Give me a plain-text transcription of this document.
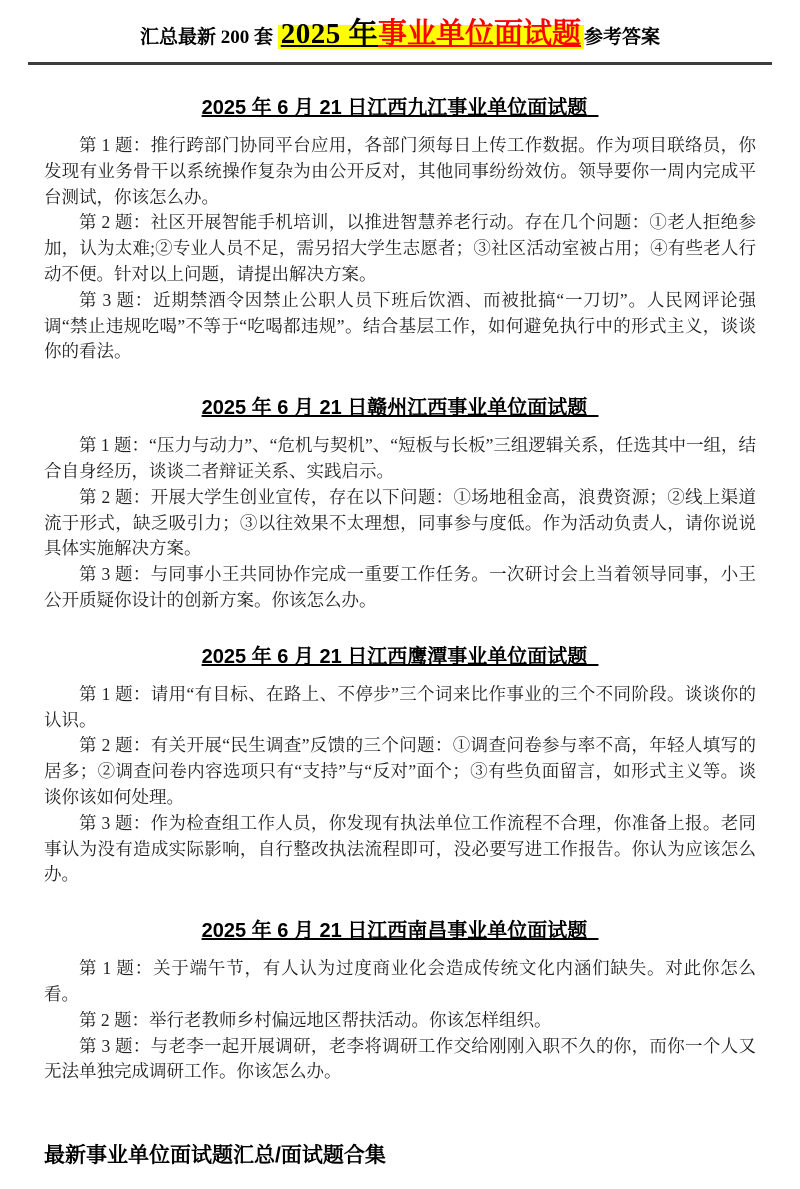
汇总最新 200 套 2025 年事业单位面试题 参考答案
2025 年 6 月 21 日江西九江事业单位面试题

第 1 题：推行跨部门协同平台应用，各部门须每日上传工作数据。作为项目联络员，你发现有业务骨干以系统操作复杂为由公开反对，其他同事纷纷效仿。领导要你一周内完成平台测试，你该怎么办。

第 2 题：社区开展智能手机培训，以推进智慧养老行动。存在几个问题：①老人拒绝参加，认为太难;②专业人员不足，需另招大学生志愿者；③社区活动室被占用；④有些老人行动不便。针对以上问题，请提出解决方案。

第 3 题：近期禁酒令因禁止公职人员下班后饮酒、而被批搞“一刀切”。人民网评论强调“禁止违规吃喝”不等于“吃喝都违规”。结合基层工作，如何避免执行中的形式主义，谈谈你的看法。

2025 年 6 月 21 日赣州江西事业单位面试题

第 1 题：“压力与动力”、“危机与契机”、“短板与长板”三组逻辑关系，任选其中一组，结合自身经历，谈谈二者辩证关系、实践启示。

第 2 题：开展大学生创业宣传，存在以下问题：①场地租金高，浪费资源；②线上渠道流于形式，缺乏吸引力；③以往效果不太理想，同事参与度低。作为活动负责人，请你说说具体实施解决方案。

第 3 题：与同事小王共同协作完成一重要工作任务。一次研讨会上当着领导同事，小王公开质疑你设计的创新方案。你该怎么办。

2025 年 6 月 21 日江西鹰潭事业单位面试题

第 1 题：请用“有目标、在路上、不停步”三个词来比作事业的三个不同阶段。谈谈你的认识。

第 2 题：有关开展“民生调查”反馈的三个问题：①调查问卷参与率不高，年轻人填写的居多；②调查问卷内容选项只有“支持”与“反对”面个；③有些负面留言，如形式主义等。谈谈你该如何处理。

第 3 题：作为检查组工作人员，你发现有执法单位工作流程不合理，你准备上报。老同事认为没有造成实际影响，自行整改执法流程即可，没必要写进工作报告。你认为应该怎么办。

2025 年 6 月 21 日江西南昌事业单位面试题

第 1 题：关于端午节，有人认为过度商业化会造成传统文化内涵们缺失。对此你怎么看。

第 2 题：举行老教师乡村偏远地区帮扶活动。你该怎样组织。

第 3 题：与老李一起开展调研，老李将调研工作交给刚刚入职不久的你，而你一个人又无法单独完成调研工作。你该怎么办。

最新事业单位面试题汇总/面试题合集
